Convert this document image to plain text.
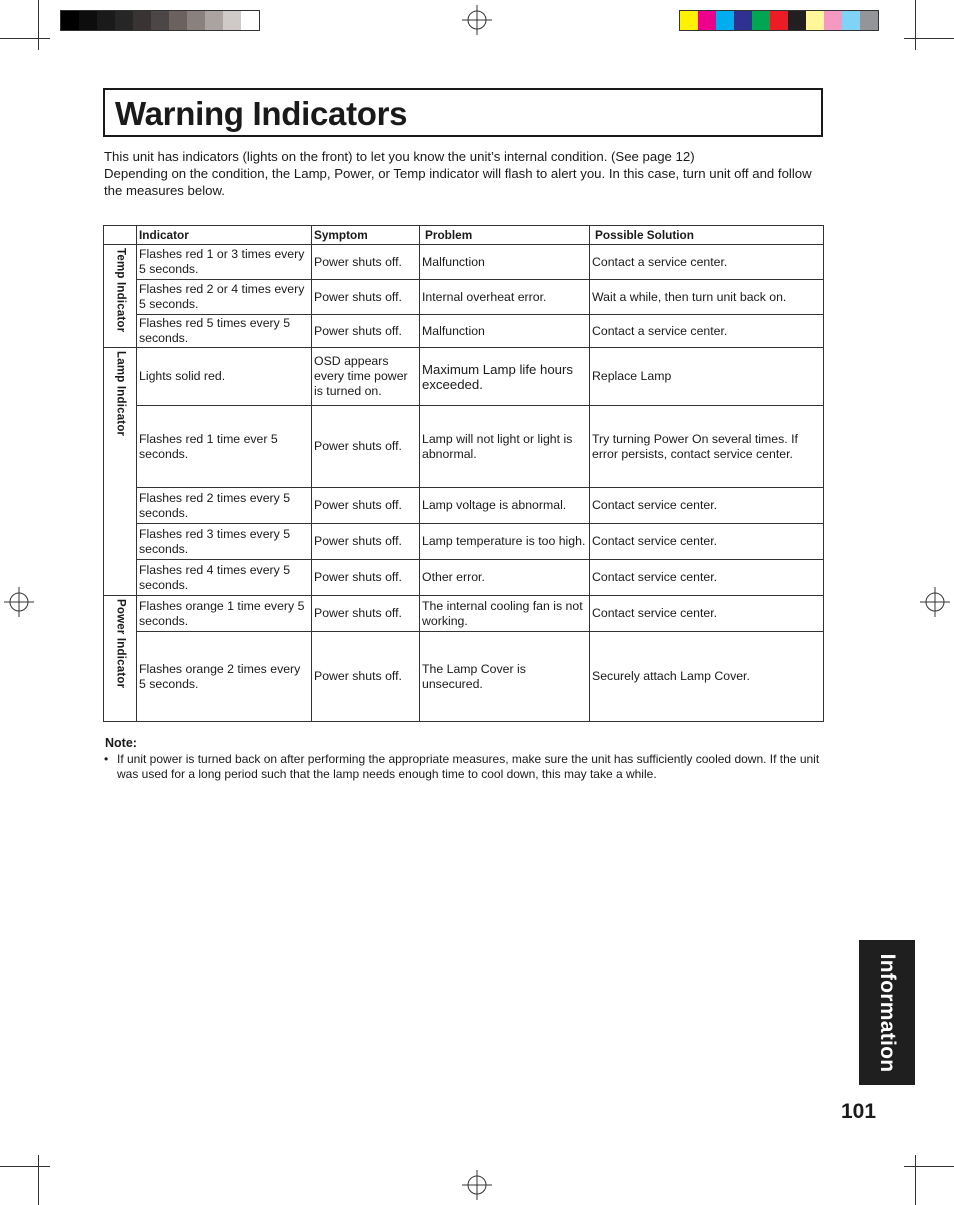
Warning Indicators

This unit has indicators (lights on the front) to let you know the unit’s internal condition. (See page 12)

Depending on the condition, the Lamp, Power, or Temp indicator will flash to alert you. In this case, turn unit off and follow the measures below.

	Indicator	Symptom	Problem	Possible Solution

Temp Indicator	Flashes red 1 or 3 times every 5 seconds.	Power shuts off.	Malfunction	Contact a service center.
	Flashes red 2 or 4 times every 5 seconds.	Power shuts off.	Internal overheat error.	Wait a while, then turn unit back on.
	Flashes red 5 times every 5 seconds.	Power shuts off.	Malfunction	Contact a service center.

Lamp Indicator	Lights solid red.	OSD appears every time power is turned on.	Maximum Lamp life hours exceeded.	Replace Lamp
	Flashes red 1 time ever 5 seconds.	Power shuts off.	Lamp will not light or light is abnormal.	Try turning Power On several times. If error persists, contact service center.
	Flashes red 2 times every 5 seconds.	Power shuts off.	Lamp voltage is abnormal.	Contact service center.
	Flashes red 3 times every 5 seconds.	Power shuts off.	Lamp temperature is too high.	Contact service center.
	Flashes red 4 times every 5 seconds.	Power shuts off.	Other error.	Contact service center.

Power Indicator	Flashes orange 1 time every 5 seconds.	Power shuts off.	The internal cooling fan is not working.	Contact service center.
	Flashes orange 2 times every 5 seconds.	Power shuts off.	The Lamp Cover is unsecured.	Securely attach Lamp Cover.
Note:
• If unit power is turned back on after performing the appropriate measures, make sure the unit has sufficiently cooled down. If the unit was used for a long period such that the lamp needs enough time to cool down, this may take a while.
Information
101
